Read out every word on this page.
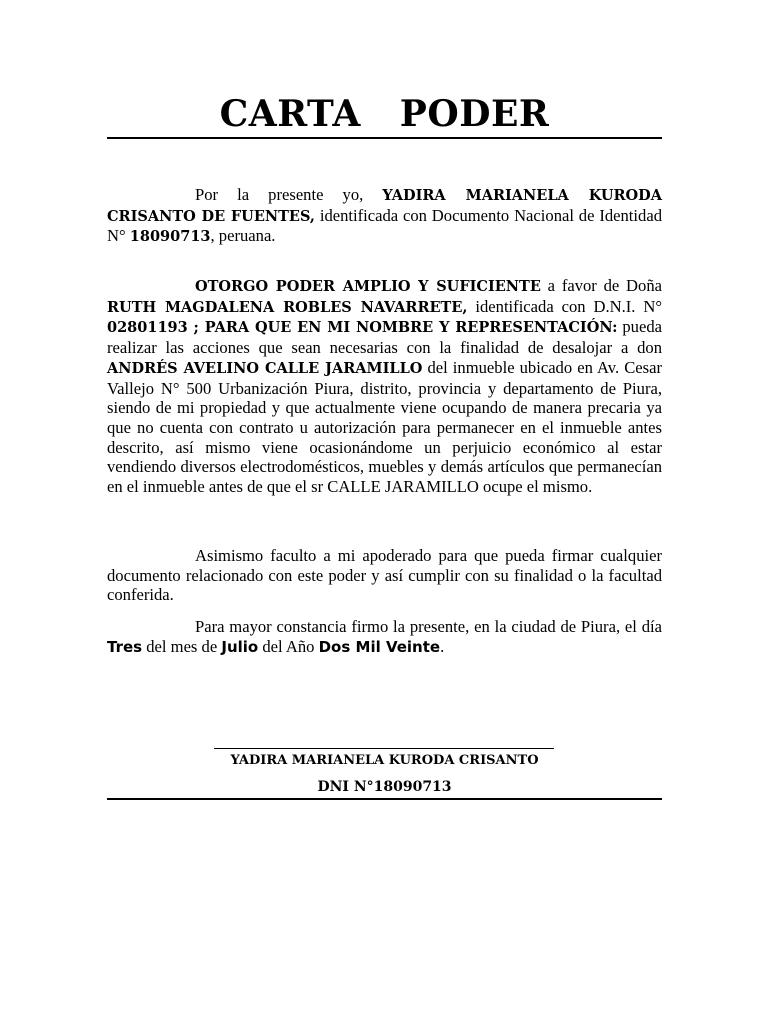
CARTA PODER

Por la presente yo, YADIRA MARIANELA KURODA CRISANTO DE FUENTES, identificada con Documento Nacional de Identidad N° 18090713, peruana.

OTORGO PODER AMPLIO Y SUFICIENTE a favor de Doña RUTH MAGDALENA ROBLES NAVARRETE, identificada con D.N.I. N° 02801193 ; PARA QUE EN MI NOMBRE Y REPRESENTACIÓN: pueda realizar las acciones que sean necesarias con la finalidad de desalojar a don ANDRÉS AVELINO CALLE JARAMILLO del inmueble ubicado en Av. Cesar Vallejo N° 500 Urbanización Piura, distrito, provincia y departamento de Piura, siendo de mi propiedad y que actualmente viene ocupando de manera precaria ya que no cuenta con contrato u autorización para permanecer en el inmueble antes descrito, así mismo viene ocasionándome un perjuicio económico al estar vendiendo diversos electrodomésticos, muebles y demás artículos que permanecían en el inmueble antes de que el sr CALLE JARAMILLO ocupe el mismo.

Asimismo faculto a mi apoderado para que pueda firmar cualquier documento relacionado con este poder y así cumplir con su finalidad o la facultad conferida.

Para mayor constancia firmo la presente, en la ciudad de Piura, el día Tres del mes de Julio del Año Dos Mil Veinte.

YADIRA MARIANELA KURODA CRISANTO
DNI N°18090713
